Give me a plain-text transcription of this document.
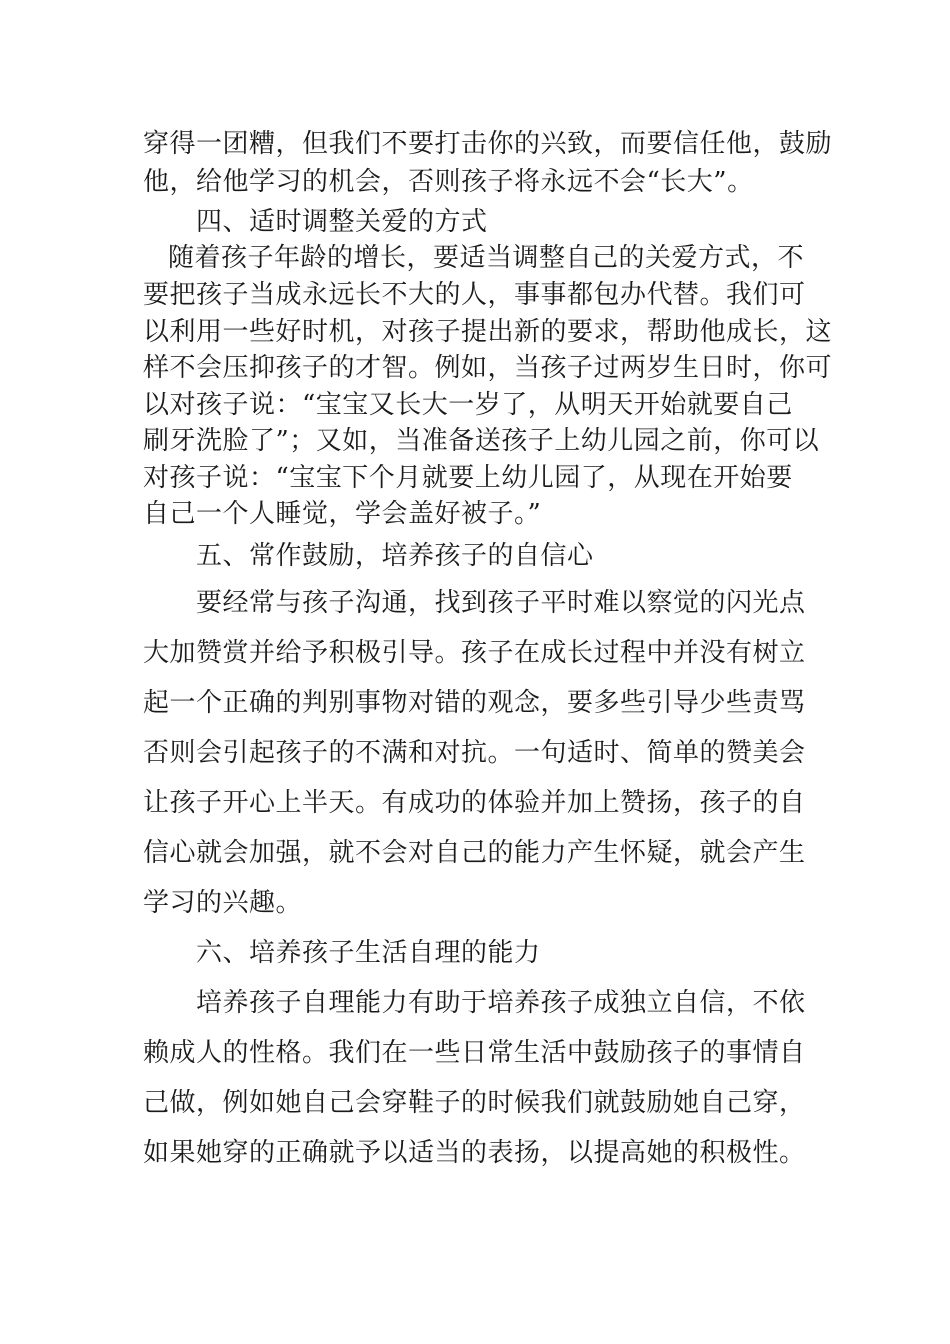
穿得一团糟，但我们不要打击你的兴致，而要信任他，鼓励
他，给他学习的机会，否则孩子将永远不会“长大”。
四、适时调整关爱的方式
随着孩子年龄的增长，要适当调整自己的关爱方式，不
要把孩子当成永远长不大的人，事事都包办代替。我们可
以利用一些好时机，对孩子提出新的要求，帮助他成长，这
样不会压抑孩子的才智。例如，当孩子过两岁生日时，你可
以对孩子说：“宝宝又长大一岁了，从明天开始就要自己
刷牙洗脸了”；又如，当准备送孩子上幼儿园之前，你可以
对孩子说：“宝宝下个月就要上幼儿园了，从现在开始要
自己一个人睡觉，学会盖好被子。”
五、常作鼓励，培养孩子的自信心
要经常与孩子沟通，找到孩子平时难以察觉的闪光点
大加赞赏并给予积极引导。孩子在成长过程中并没有树立
起一个正确的判别事物对错的观念，要多些引导少些责骂
否则会引起孩子的不满和对抗。一句适时、简单的赞美会
让孩子开心上半天。有成功的体验并加上赞扬，孩子的自
信心就会加强，就不会对自己的能力产生怀疑，就会产生
学习的兴趣。
六、培养孩子生活自理的能力
培养孩子自理能力有助于培养孩子成独立自信，不依
赖成人的性格。我们在一些日常生活中鼓励孩子的事情自
己做，例如她自己会穿鞋子的时候我们就鼓励她自己穿，
如果她穿的正确就予以适当的表扬，以提高她的积极性。
